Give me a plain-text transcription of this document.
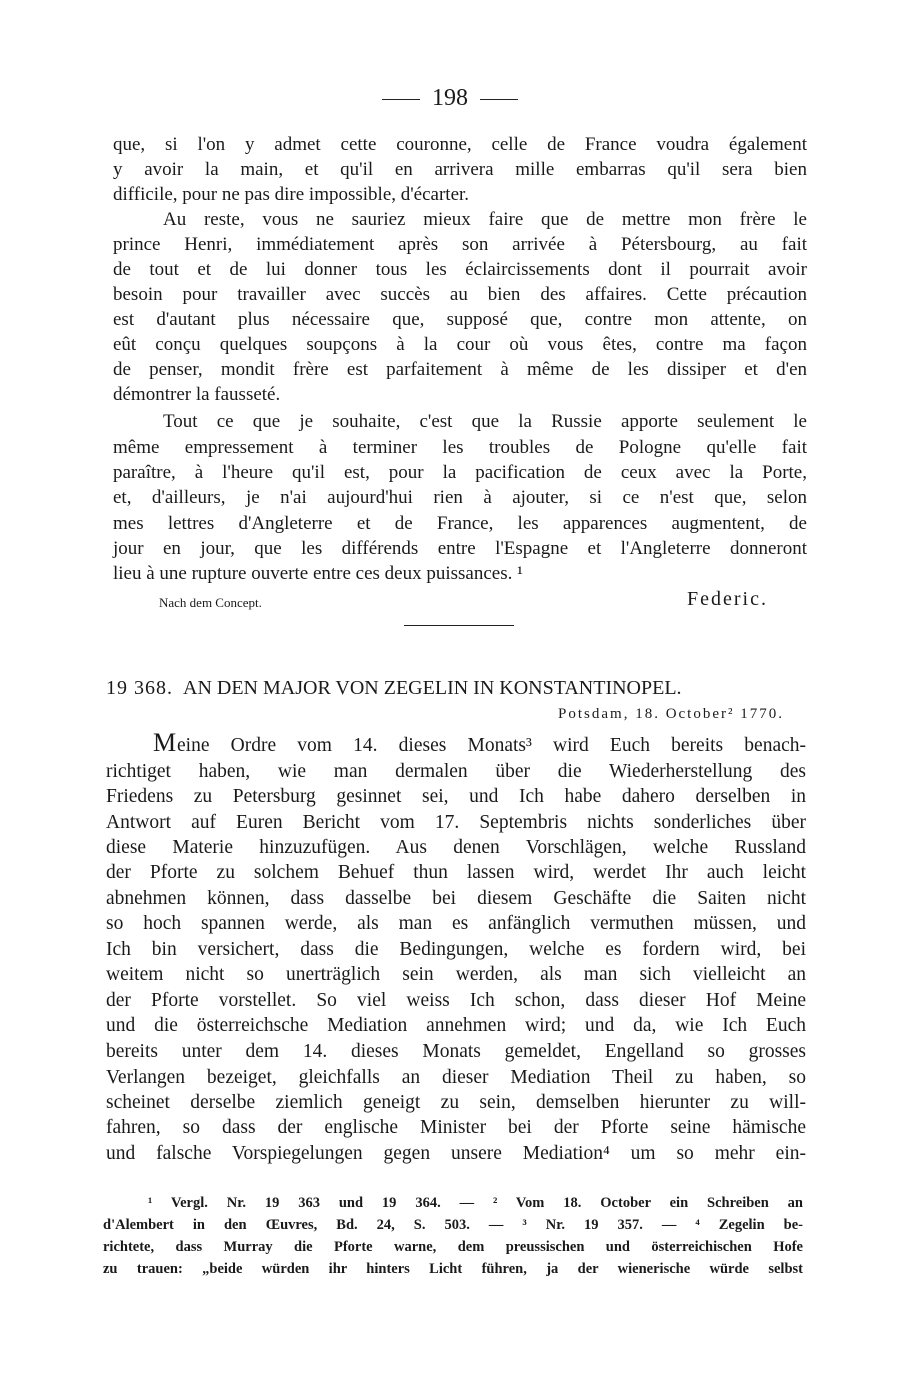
198
que, si l'on y admet cette couronne, celle de France voudra également
y avoir la main, et qu'il en arrivera mille embarras qu'il sera bien
difficile, pour ne pas dire impossible, d'écarter.
Au reste, vous ne sauriez mieux faire que de mettre mon frère le
prince Henri, immédiatement après son arrivée à Pétersbourg, au fait
de tout et de lui donner tous les éclaircissements dont il pourrait avoir
besoin pour travailler avec succès au bien des affaires. Cette précaution
est d'autant plus nécessaire que, supposé que, contre mon attente, on
eût conçu quelques soupçons à la cour où vous êtes, contre ma façon
de penser, mondit frère est parfaitement à même de les dissiper et d'en
démontrer la fausseté.
Tout ce que je souhaite, c'est que la Russie apporte seulement le
même empressement à terminer les troubles de Pologne qu'elle fait
paraître, à l'heure qu'il est, pour la pacification de ceux avec la Porte,
et, d'ailleurs, je n'ai aujourd'hui rien à ajouter, si ce n'est que, selon
mes lettres d'Angleterre et de France, les apparences augmentent, de
jour en jour, que les différends entre l'Espagne et l'Angleterre donneront
lieu à une rupture ouverte entre ces deux puissances. ¹
Nach dem Concept.	Federic.
19 368. AN DEN MAJOR VON ZEGELIN IN KONSTANTINOPEL.
Potsdam, 18. October² 1770.
M eine Ordre vom 14. dieses Monats³ wird Euch bereits benach-
richtiget haben, wie man dermalen über die Wiederherstellung des
Friedens zu Petersburg gesinnet sei, und Ich habe dahero derselben in
Antwort auf Euren Bericht vom 17. Septembris nichts sonderliches über
diese Materie hinzuzufügen. Aus denen Vorschlägen, welche Russland
der Pforte zu solchem Behuef thun lassen wird, werdet Ihr auch leicht
abnehmen können, dass dasselbe bei diesem Geschäfte die Saiten nicht
so hoch spannen werde, als man es anfänglich vermuthen müssen, und
Ich bin versichert, dass die Bedingungen, welche es fordern wird, bei
weitem nicht so unerträglich sein werden, als man sich vielleicht an
der Pforte vorstellet. So viel weiss Ich schon, dass dieser Hof Meine
und die österreichsche Mediation annehmen wird; und da, wie Ich Euch
bereits unter dem 14. dieses Monats gemeldet, Engelland so grosses
Verlangen bezeiget, gleichfalls an dieser Mediation Theil zu haben, so
scheinet derselbe ziemlich geneigt zu sein, demselben hierunter zu will-
fahren, so dass der englische Minister bei der Pforte seine hämische
und falsche Vorspiegelungen gegen unsere Mediation⁴ um so mehr ein-
¹ Vergl. Nr. 19 363 und 19 364. — ² Vom 18. October ein Schreiben an
d'Alembert in den Œuvres, Bd. 24, S. 503. — ³ Nr. 19 357. — ⁴ Zegelin be-
richtete, dass Murray die Pforte warne, dem preussischen und österreichischen Hofe
zu trauen: „beide würden ihr hinters Licht führen, ja der wienerische würde selbst
